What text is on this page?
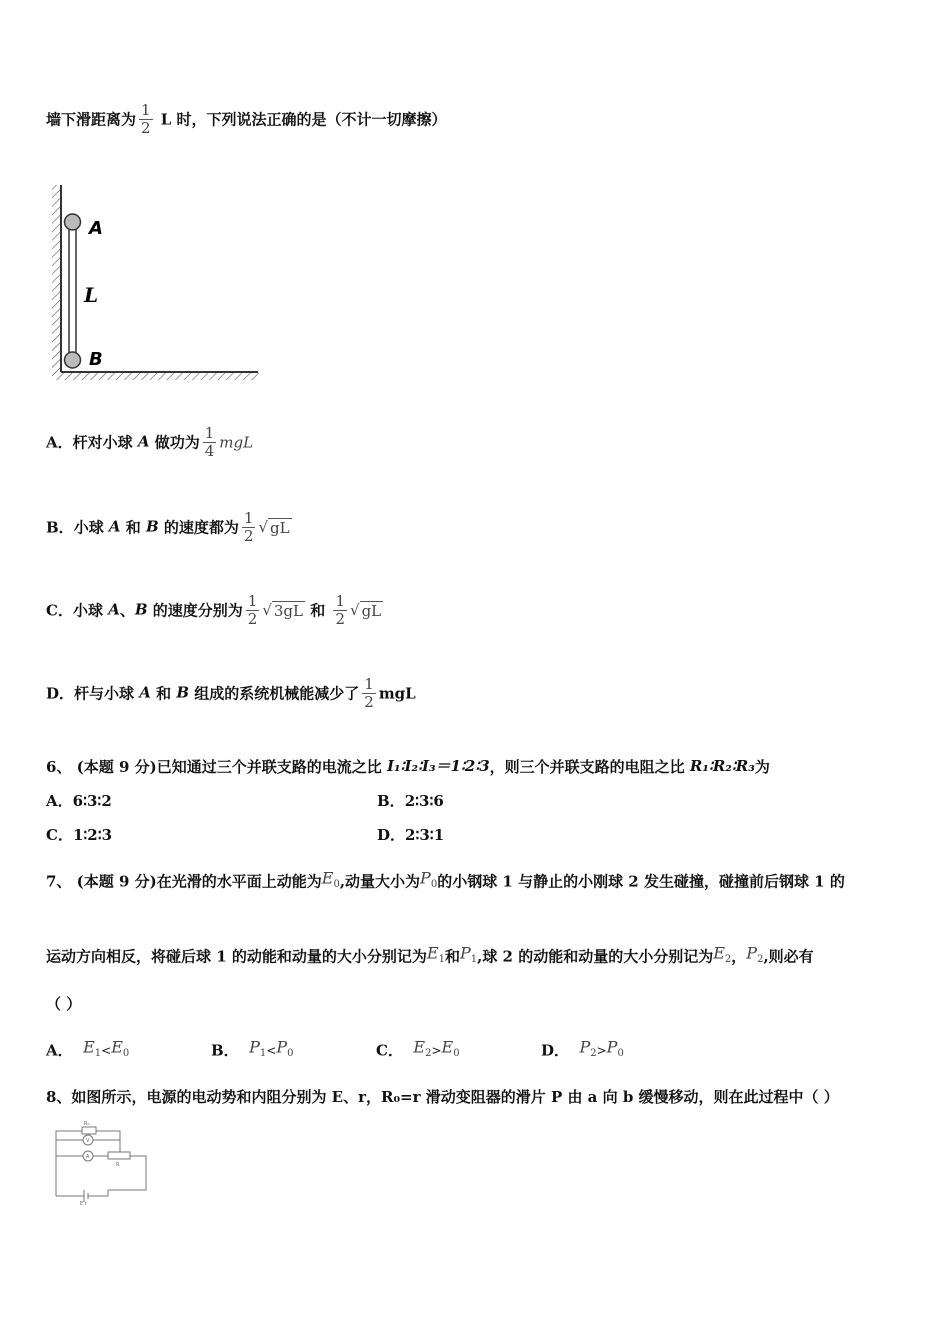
墙下滑距离为 $\frac{1}{2}$ L 时，下列说法正确的是（不计一切摩擦）
A
L
B
A．杆对小球 A 做功为 $\frac{1}{4}$ mgL
B．小球 A 和 B 的速度都为 $\frac{1}{2}$ √ gL
C．小球 A、B 的速度分别为 $\frac{1}{2}$ √ 3gL 和 $\frac{1}{2}$ √ gL
D．杆与小球 A 和 B 组成的系统机械能减少了 $\frac{1}{2}$ mgL
6、 (本题 9 分)已知通过三个并联支路的电流之比 I₁∶I₂∶I₃＝1∶2∶3，则三个并联支路的电阻之比 R₁∶R₂∶R₃为
A．6∶3∶2	B．2∶3∶6
C．1∶2∶3	D．2∶3∶1
7、 (本题 9 分)在光滑的水平面上动能为$E_0$,动量大小为$P_0$的小钢球 1 与静止的小刚球 2 发生碰撞，碰撞前后钢球 1 的
运动方向相反，将碰后球 1 的动能和动量的大小分别记为$E_1$和$P_1$,球 2 的动能和动量的大小分别记为$E_2$，$P_2$,则必有
（ ）
A． $E_1<E_0$	B． $P_1<P_0$	C． $E_2>E_0$	D． $P_2>P_0$
8、如图所示，电源的电动势和内阻分别为 E、r，R₀=r 滑动变阻器的滑片 P 由 a 向 b 缓慢移动，则在此过程中（ ）
R₀
V
A
R
E r
